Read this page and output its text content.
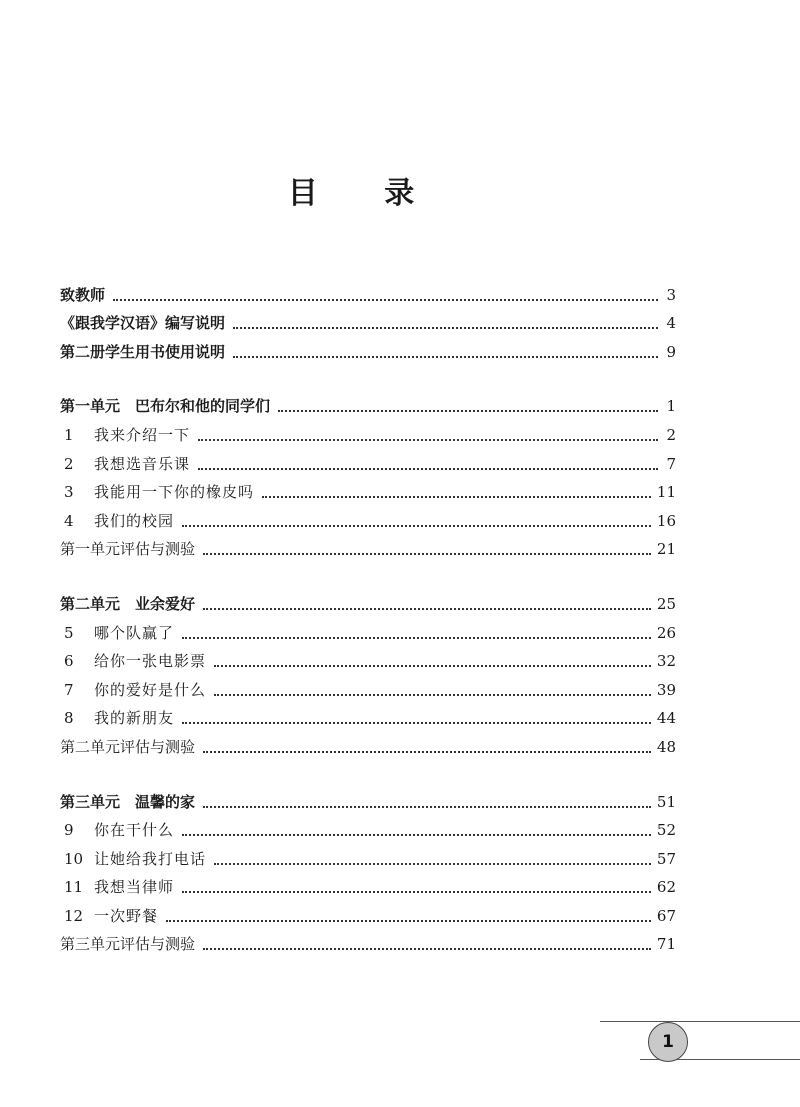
目 录
致教师	3
《跟我学汉语》编写说明	4
第二册学生用书使用说明	9
第一单元　巴布尔和他的同学们	1
1	我来介绍一下	2
2	我想选音乐课	7
3	我能用一下你的橡皮吗	11
4	我们的校园	16
第一单元评估与测验	21
第二单元　业余爱好	25
5	哪个队赢了	26
6	给你一张电影票	32
7	你的爱好是什么	39
8	我的新朋友	44
第二单元评估与测验	48
第三单元　温馨的家	51
9	你在干什么	52
10 让她给我打电话	57
11 我想当律师	62
12 一次野餐	67
第三单元评估与测验	71
1
